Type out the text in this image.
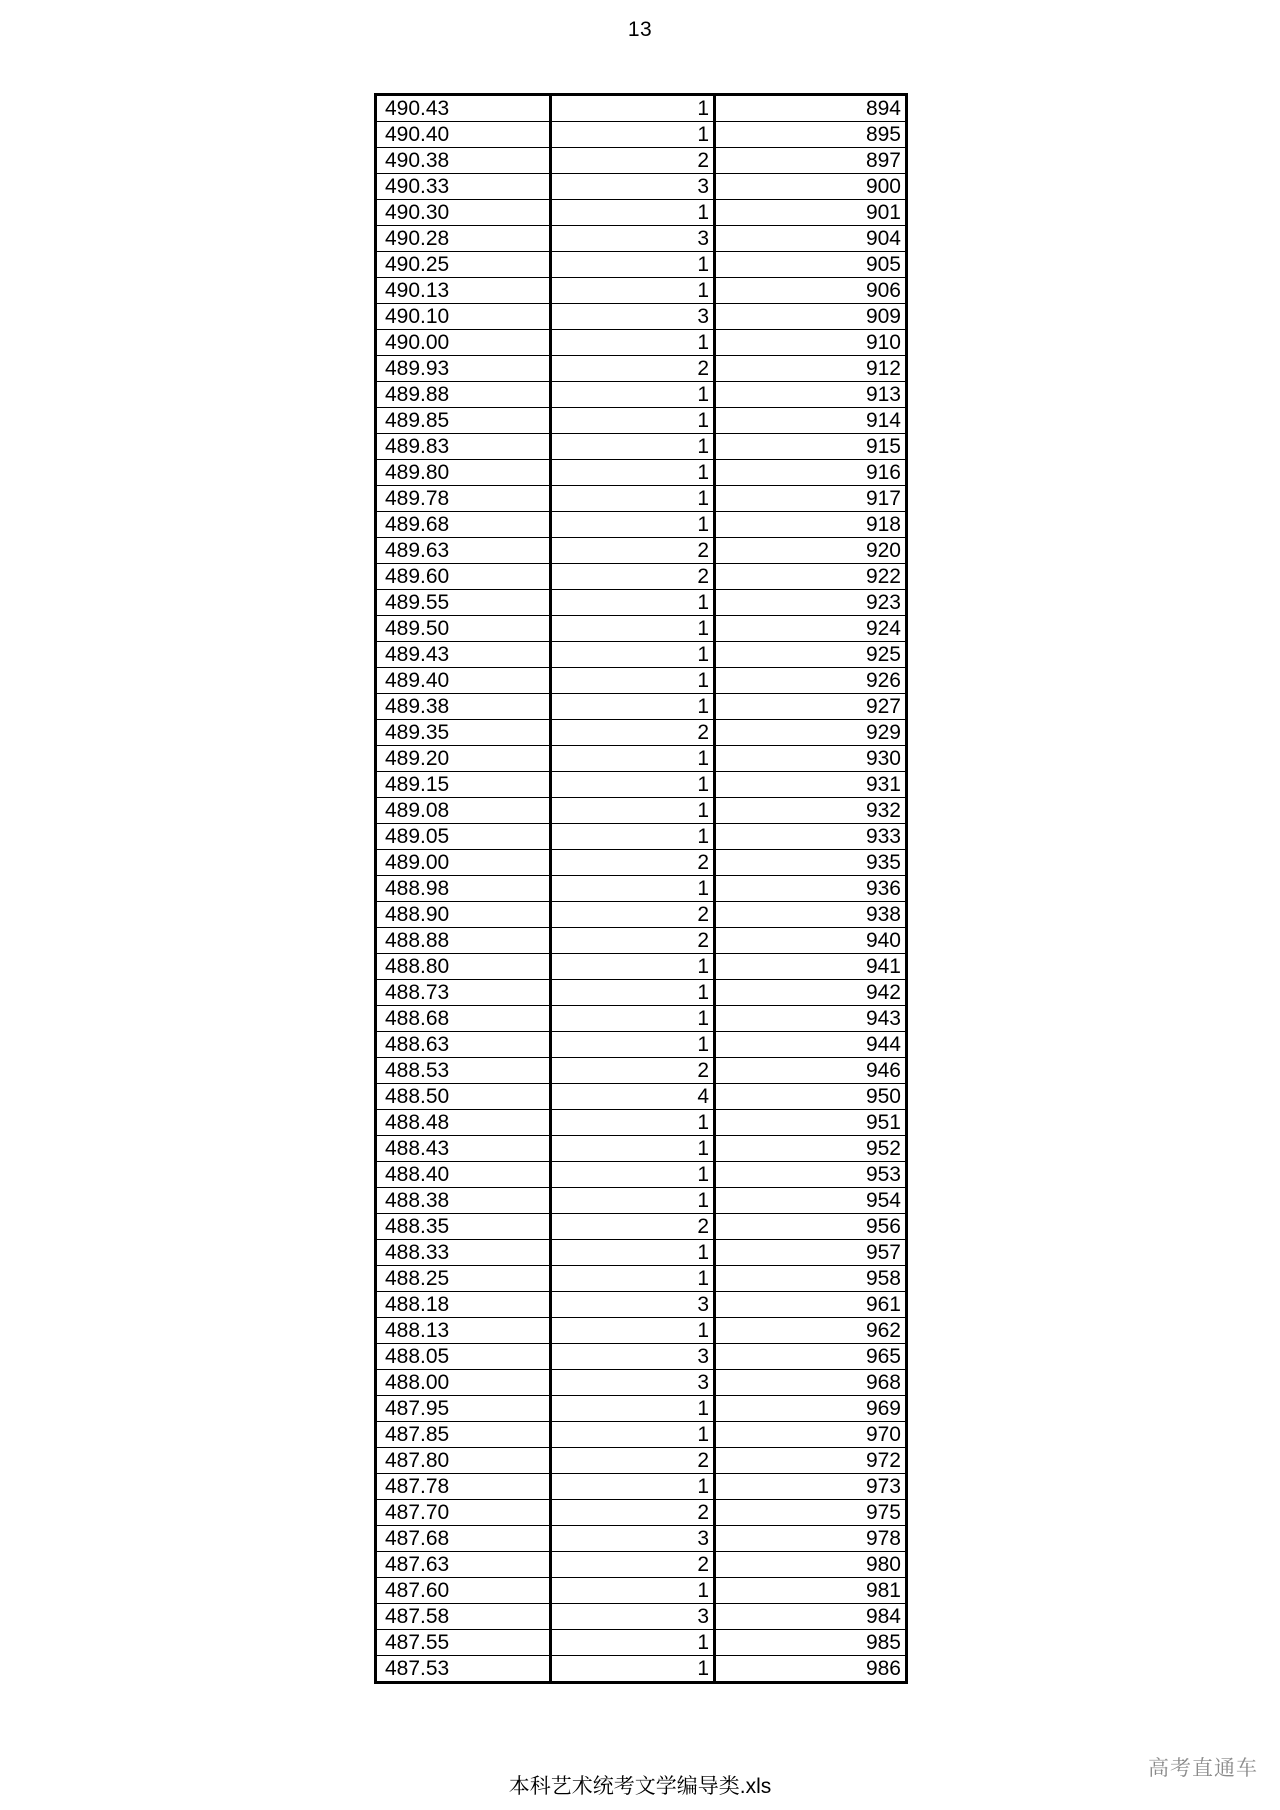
13
490.43	1	894
490.40	1	895
490.38	2	897
490.33	3	900
490.30	1	901
490.28	3	904
490.25	1	905
490.13	1	906
490.10	3	909
490.00	1	910
489.93	2	912
489.88	1	913
489.85	1	914
489.83	1	915
489.80	1	916
489.78	1	917
489.68	1	918
489.63	2	920
489.60	2	922
489.55	1	923
489.50	1	924
489.43	1	925
489.40	1	926
489.38	1	927
489.35	2	929
489.20	1	930
489.15	1	931
489.08	1	932
489.05	1	933
489.00	2	935
488.98	1	936
488.90	2	938
488.88	2	940
488.80	1	941
488.73	1	942
488.68	1	943
488.63	1	944
488.53	2	946
488.50	4	950
488.48	1	951
488.43	1	952
488.40	1	953
488.38	1	954
488.35	2	956
488.33	1	957
488.25	1	958
488.18	3	961
488.13	1	962
488.05	3	965
488.00	3	968
487.95	1	969
487.85	1	970
487.80	2	972
487.78	1	973
487.70	2	975
487.68	3	978
487.63	2	980
487.60	1	981
487.58	3	984
487.55	1	985
487.53	1	986
本科艺术统考文学编导类.xls
高考直通车
